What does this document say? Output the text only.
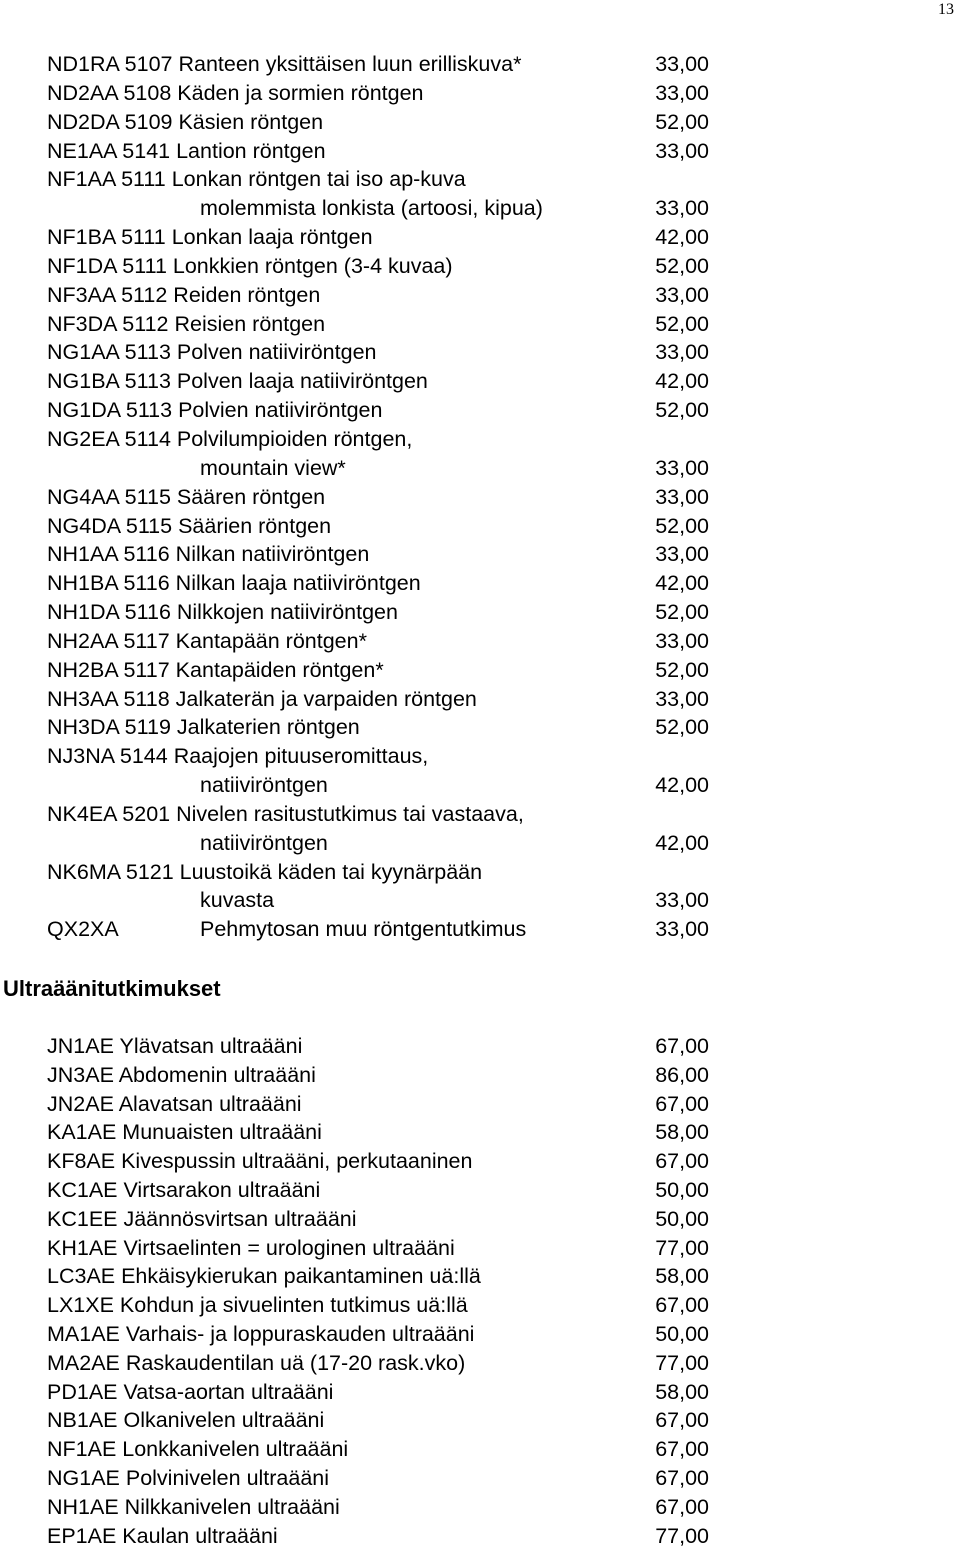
13
ND1RA 5107 Ranteen yksittäisen luun erilliskuva*	33,00
ND2AA 5108 Käden ja sormien röntgen	33,00
ND2DA 5109 Käsien röntgen	52,00
NE1AA 5141 Lantion röntgen	33,00
NF1AA 5111 Lonkan röntgen tai iso ap-kuva
molemmista lonkista (artoosi, kipua)	33,00
NF1BA 5111 Lonkan laaja röntgen	42,00
NF1DA 5111 Lonkkien röntgen (3-4 kuvaa)	52,00
NF3AA 5112 Reiden röntgen	33,00
NF3DA 5112 Reisien röntgen	52,00
NG1AA 5113 Polven natiiviröntgen	33,00
NG1BA 5113 Polven laaja natiiviröntgen	42,00
NG1DA 5113 Polvien natiiviröntgen	52,00
NG2EA 5114 Polvilumpioiden röntgen,
mountain view*	33,00
NG4AA 5115 Säären röntgen	33,00
NG4DA 5115 Säärien röntgen	52,00
NH1AA 5116 Nilkan natiiviröntgen	33,00
NH1BA 5116 Nilkan laaja natiiviröntgen	42,00
NH1DA 5116 Nilkkojen natiiviröntgen	52,00
NH2AA 5117 Kantapään röntgen*	33,00
NH2BA 5117 Kantapäiden röntgen*	52,00
NH3AA 5118 Jalkaterän ja varpaiden röntgen	33,00
NH3DA 5119 Jalkaterien röntgen	52,00
NJ3NA 5144 Raajojen pituuseromittaus,
natiiviröntgen	42,00
NK4EA 5201 Nivelen rasitustutkimus tai vastaava,
natiiviröntgen	42,00
NK6MA 5121 Luustoikä käden tai kyynärpään
kuvasta	33,00
QX2XA	Pehmytosan muu röntgentutkimus	33,00
Ultraäänitutkimukset
JN1AE Ylävatsan ultraääni	67,00
JN3AE Abdomenin ultraääni	86,00
JN2AE Alavatsan ultraääni	67,00
KA1AE Munuaisten ultraääni	58,00
KF8AE Kivespussin ultraääni, perkutaaninen	67,00
KC1AE Virtsarakon ultraääni	50,00
KC1EE Jäännösvirtsan ultraääni	50,00
KH1AE Virtsaelinten = urologinen ultraääni	77,00
LC3AE Ehkäisykierukan paikantaminen uä:llä	58,00
LX1XE Kohdun ja sivuelinten tutkimus uä:llä	67,00
MA1AE Varhais- ja loppuraskauden ultraääni	50,00
MA2AE Raskaudentilan uä (17-20 rask.vko)	77,00
PD1AE Vatsa-aortan ultraääni	58,00
NB1AE Olkanivelen ultraääni	67,00
NF1AE Lonkkanivelen ultraääni	67,00
NG1AE Polvinivelen ultraääni	67,00
NH1AE Nilkkanivelen ultraääni	67,00
EP1AE Kaulan ultraääni	77,00
